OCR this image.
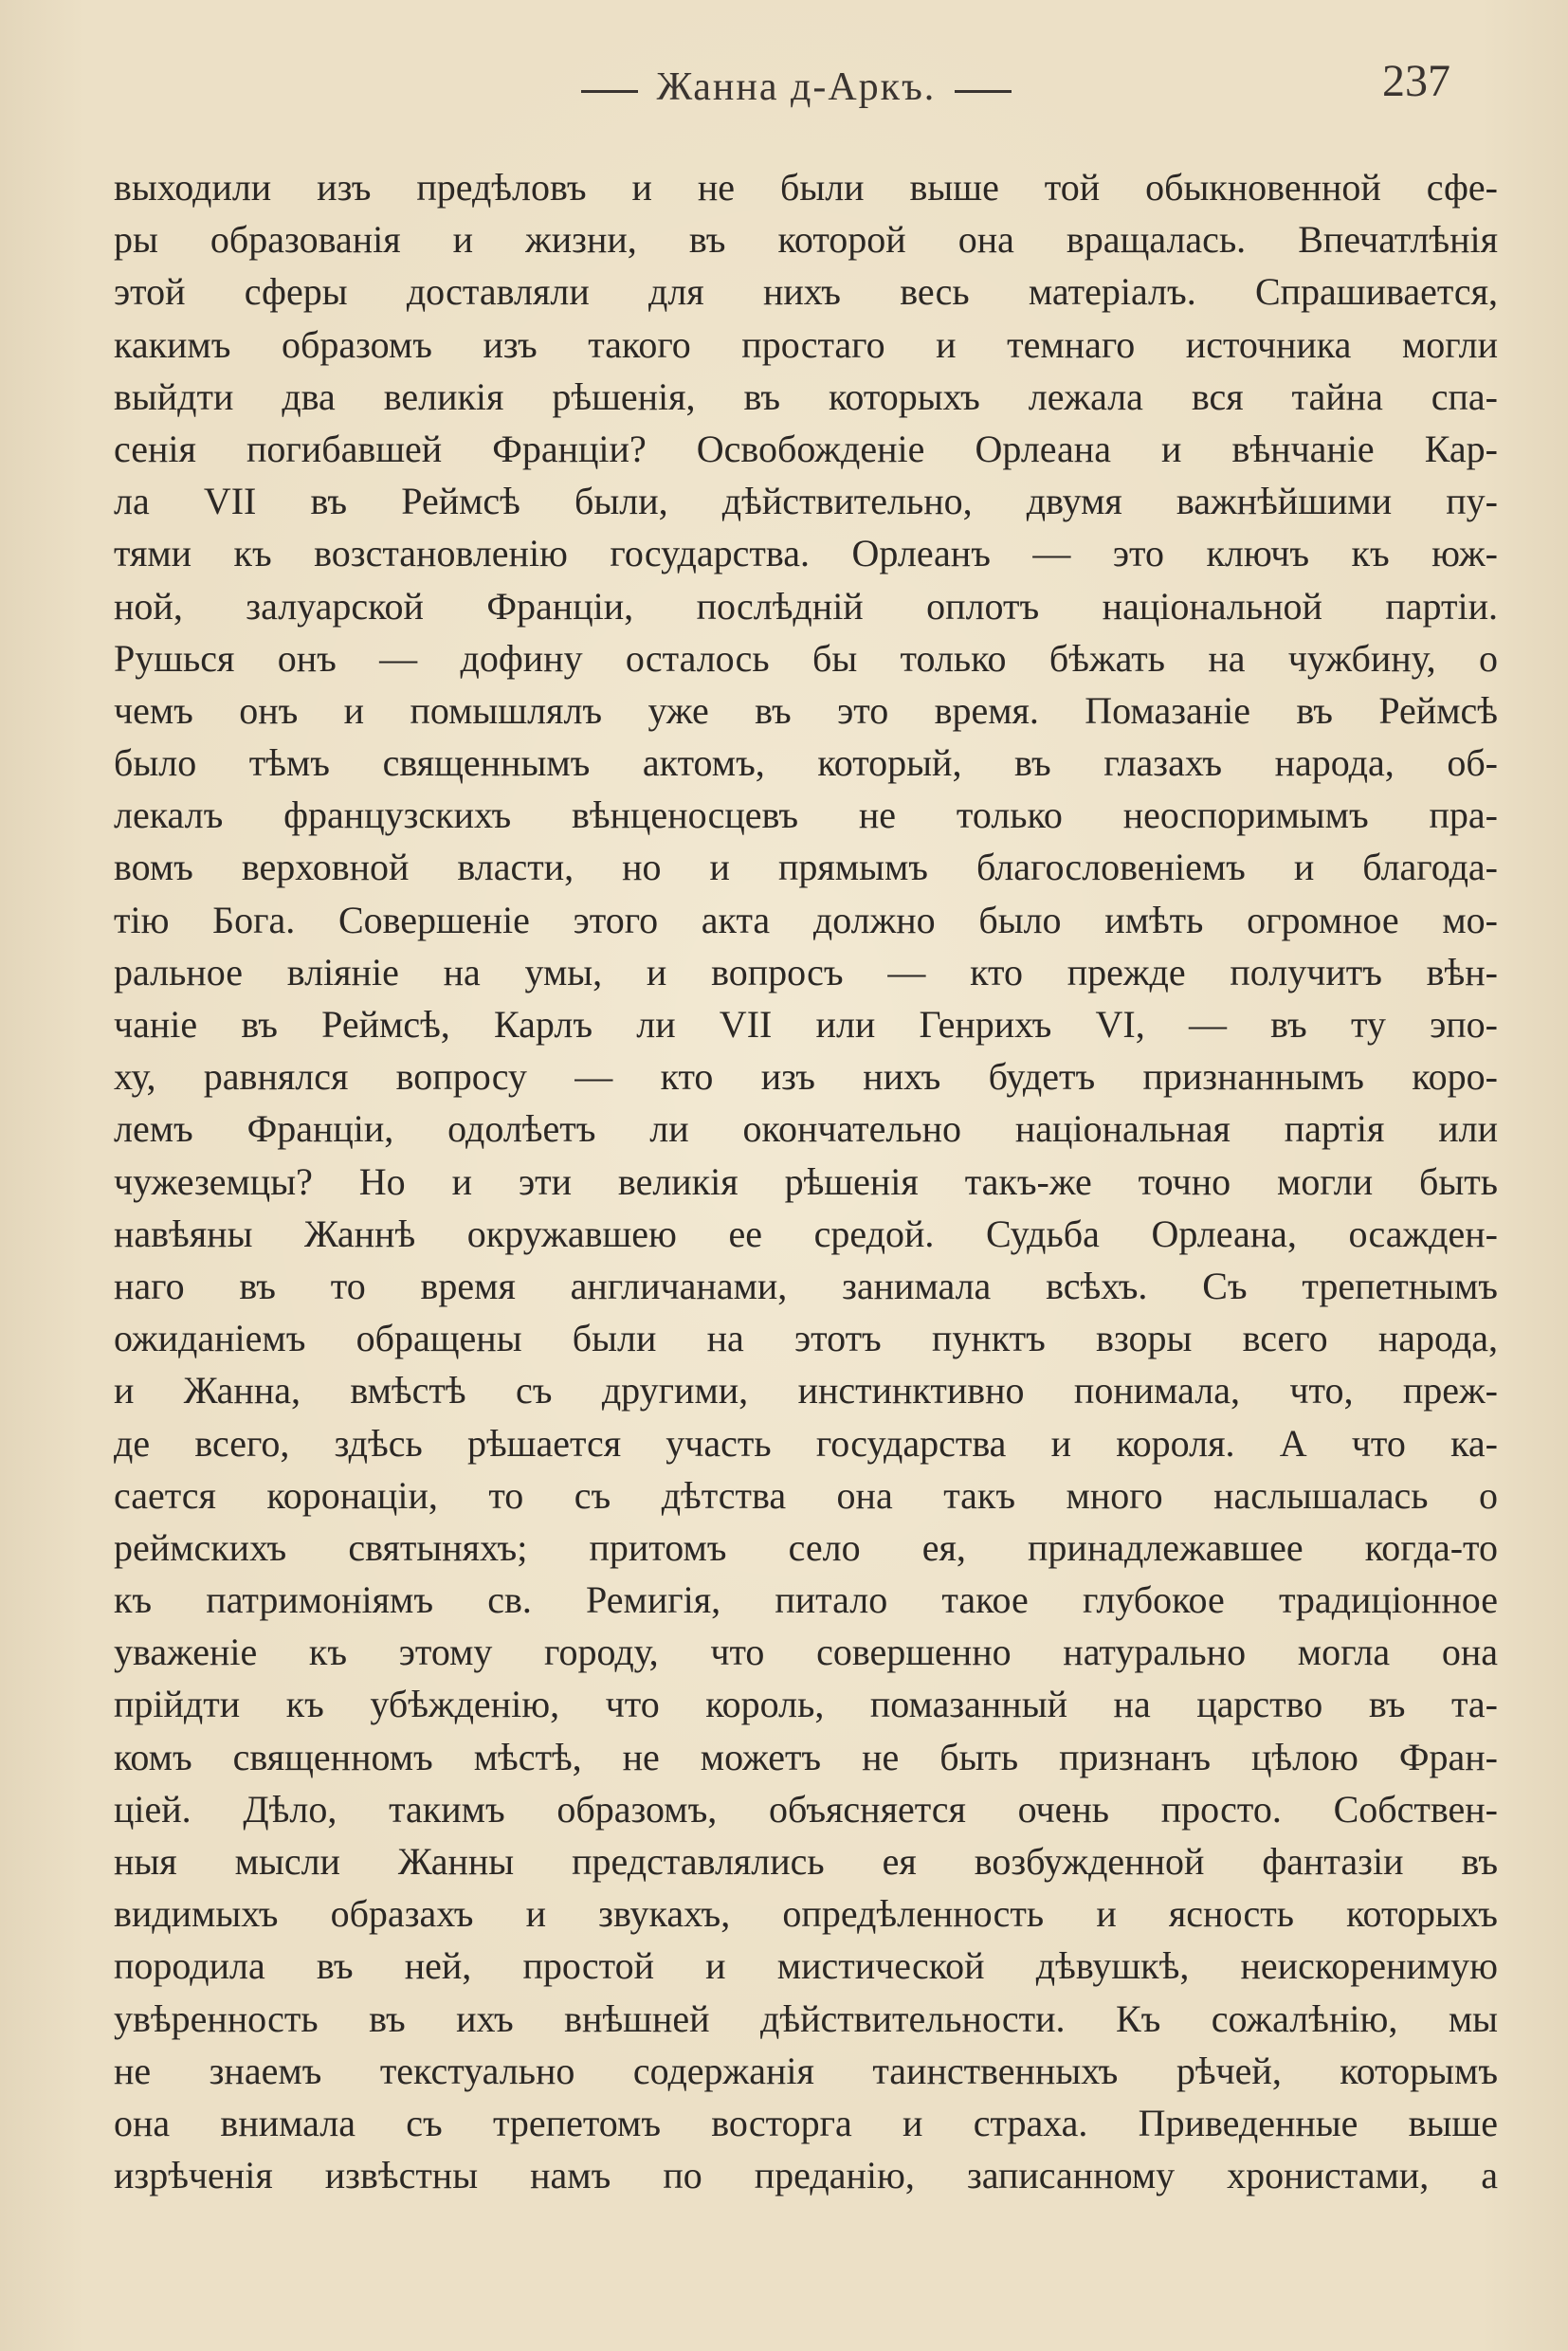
Жанна д-Аркъ.	237
выходили изъ предѣловъ и не были выше той обыкновенной сфе-
ры образованія и жизни, въ которой она вращалась. Впечатлѣнія
этой сферы доставляли для нихъ весь матеріалъ. Спрашивается,
какимъ образомъ изъ такого простаго и темнаго источника могли
выйдти два великія рѣшенія, въ которыхъ лежала вся тайна спа-
сенія погибавшей Франціи? Освобожденіе Орлеана и вѣнчаніе Кар-
ла VII въ Реймсѣ были, дѣйствительно, двумя важнѣйшими пу-
тями къ возстановленію государства. Орлеанъ — это ключъ къ юж-
ной, залуарской Франціи, послѣдній оплотъ національной партіи.
Рушься онъ — дофину осталось бы только бѣжать на чужбину, о
чемъ онъ и помышлялъ уже въ это время. Помазаніе въ Реймсѣ
было тѣмъ священнымъ актомъ, который, въ глазахъ народа, об-
лекалъ французскихъ вѣнценосцевъ не только неоспоримымъ пра-
вомъ верховной власти, но и прямымъ благословеніемъ и благода-
тію Бога. Совершеніе этого акта должно было имѣть огромное мо-
ральное вліяніе на умы, и вопросъ — кто прежде получитъ вѣн-
чаніе въ Реймсѣ, Карлъ ли VII или Генрихъ VI, — въ ту эпо-
ху, равнялся вопросу — кто изъ нихъ будетъ признаннымъ коро-
лемъ Франціи, одолѣетъ ли окончательно національная партія или
чужеземцы? Но и эти великія рѣшенія такъ-же точно могли быть
навѣяны Жаннѣ окружавшею ее средой. Судьба Орлеана, осажден-
наго въ то время англичанами, занимала всѣхъ. Съ трепетнымъ
ожиданіемъ обращены были на этотъ пунктъ взоры всего народа,
и Жанна, вмѣстѣ съ другими, инстинктивно понимала, что, преж-
де всего, здѣсь рѣшается участь государства и короля. А что ка-
сается коронаціи, то съ дѣтства она такъ много наслышалась о
реймскихъ святыняхъ; притомъ село ея, принадлежавшее когда-то
къ патримоніямъ св. Ремигія, питало такое глубокое традиціонное
уваженіе къ этому городу, что совершенно натурально могла она
прійдти къ убѣжденію, что король, помазанный на царство въ та-
комъ священномъ мѣстѣ, не можетъ не быть признанъ цѣлою Фран-
ціей. Дѣло, такимъ образомъ, объясняется очень просто. Собствен-
ныя мысли Жанны представлялись ея возбужденной фантазіи въ
видимыхъ образахъ и звукахъ, опредѣленность и ясность которыхъ
породила въ ней, простой и мистической дѣвушкѣ, неискоренимую
увѣренность въ ихъ внѣшней дѣйствительности. Къ сожалѣнію, мы
не знаемъ текстуально содержанія таинственныхъ рѣчей, которымъ
она внимала съ трепетомъ восторга и страха. Приведенные выше
изрѣченія извѣстны намъ по преданію, записанному хронистами, а
